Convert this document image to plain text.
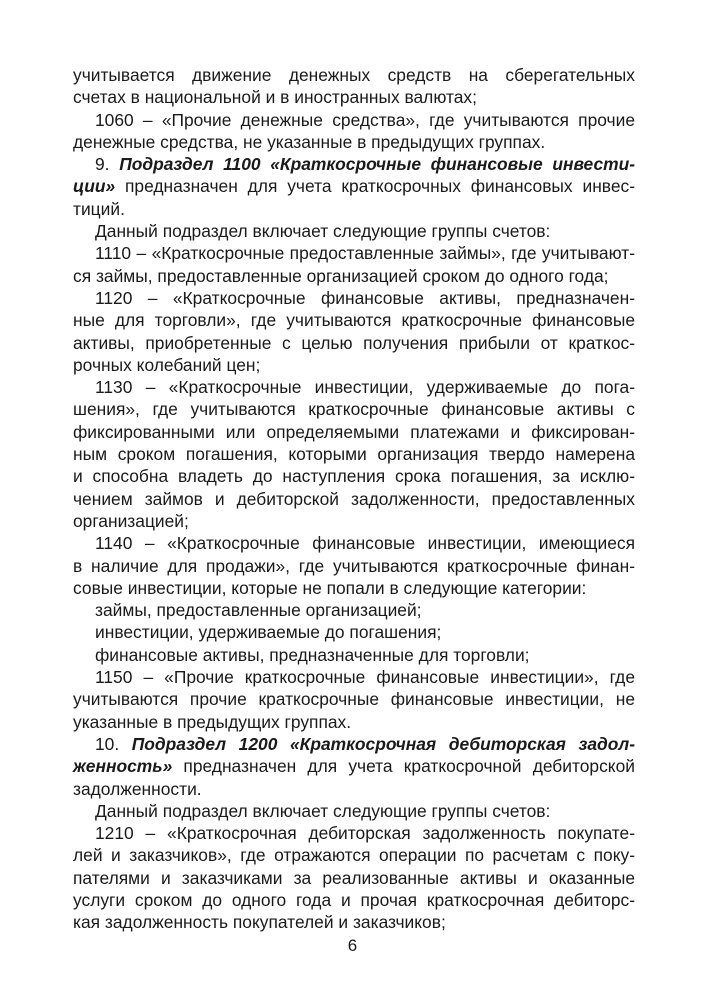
учитывается движение денежных средств на сберегательных
счетах в национальной и в иностранных валютах;
1060 – «Прочие денежные средства», где учитываются прочие
денежные средства, не указанные в предыдущих группах.
9. Подраздел 1100 «Краткосрочные финансовые инвести-
ции» предназначен для учета краткосрочных финансовых инвес-
тиций.
Данный подраздел включает следующие группы счетов:
1110 – «Краткосрочные предоставленные займы», где учитывают-
ся займы, предоставленные организацией сроком до одного года;
1120 – «Краткосрочные финансовые активы, предназначен-
ные для торговли», где учитываются краткосрочные финансовые
активы, приобретенные с целью получения прибыли от краткос-
рочных колебаний цен;
1130 – «Краткосрочные инвестиции, удерживаемые до пога-
шения», где учитываются краткосрочные финансовые активы с
фиксированными или определяемыми платежами и фиксирован-
ным сроком погашения, которыми организация твердо намерена
и способна владеть до наступления срока погашения, за исклю-
чением займов и дебиторской задолженности, предоставленных
организацией;
1140 – «Краткосрочные финансовые инвестиции, имеющиеся
в наличие для продажи», где учитываются краткосрочные финан-
совые инвестиции, которые не попали в следующие категории:
займы, предоставленные организацией;
инвестиции, удерживаемые до погашения;
финансовые активы, предназначенные для торговли;
1150 – «Прочие краткосрочные финансовые инвестиции», где
учитываются прочие краткосрочные финансовые инвестиции, не
указанные в предыдущих группах.
10. Подраздел 1200 «Краткосрочная дебиторская задол-
женность» предназначен для учета краткосрочной дебиторской
задолженности.
Данный подраздел включает следующие группы счетов:
1210 – «Краткосрочная дебиторская задолженность покупате-
лей и заказчиков», где отражаются операции по расчетам с поку-
пателями и заказчиками за реализованные активы и оказанные
услуги сроком до одного года и прочая краткосрочная дебиторс-
кая задолженность покупателей и заказчиков;
6
